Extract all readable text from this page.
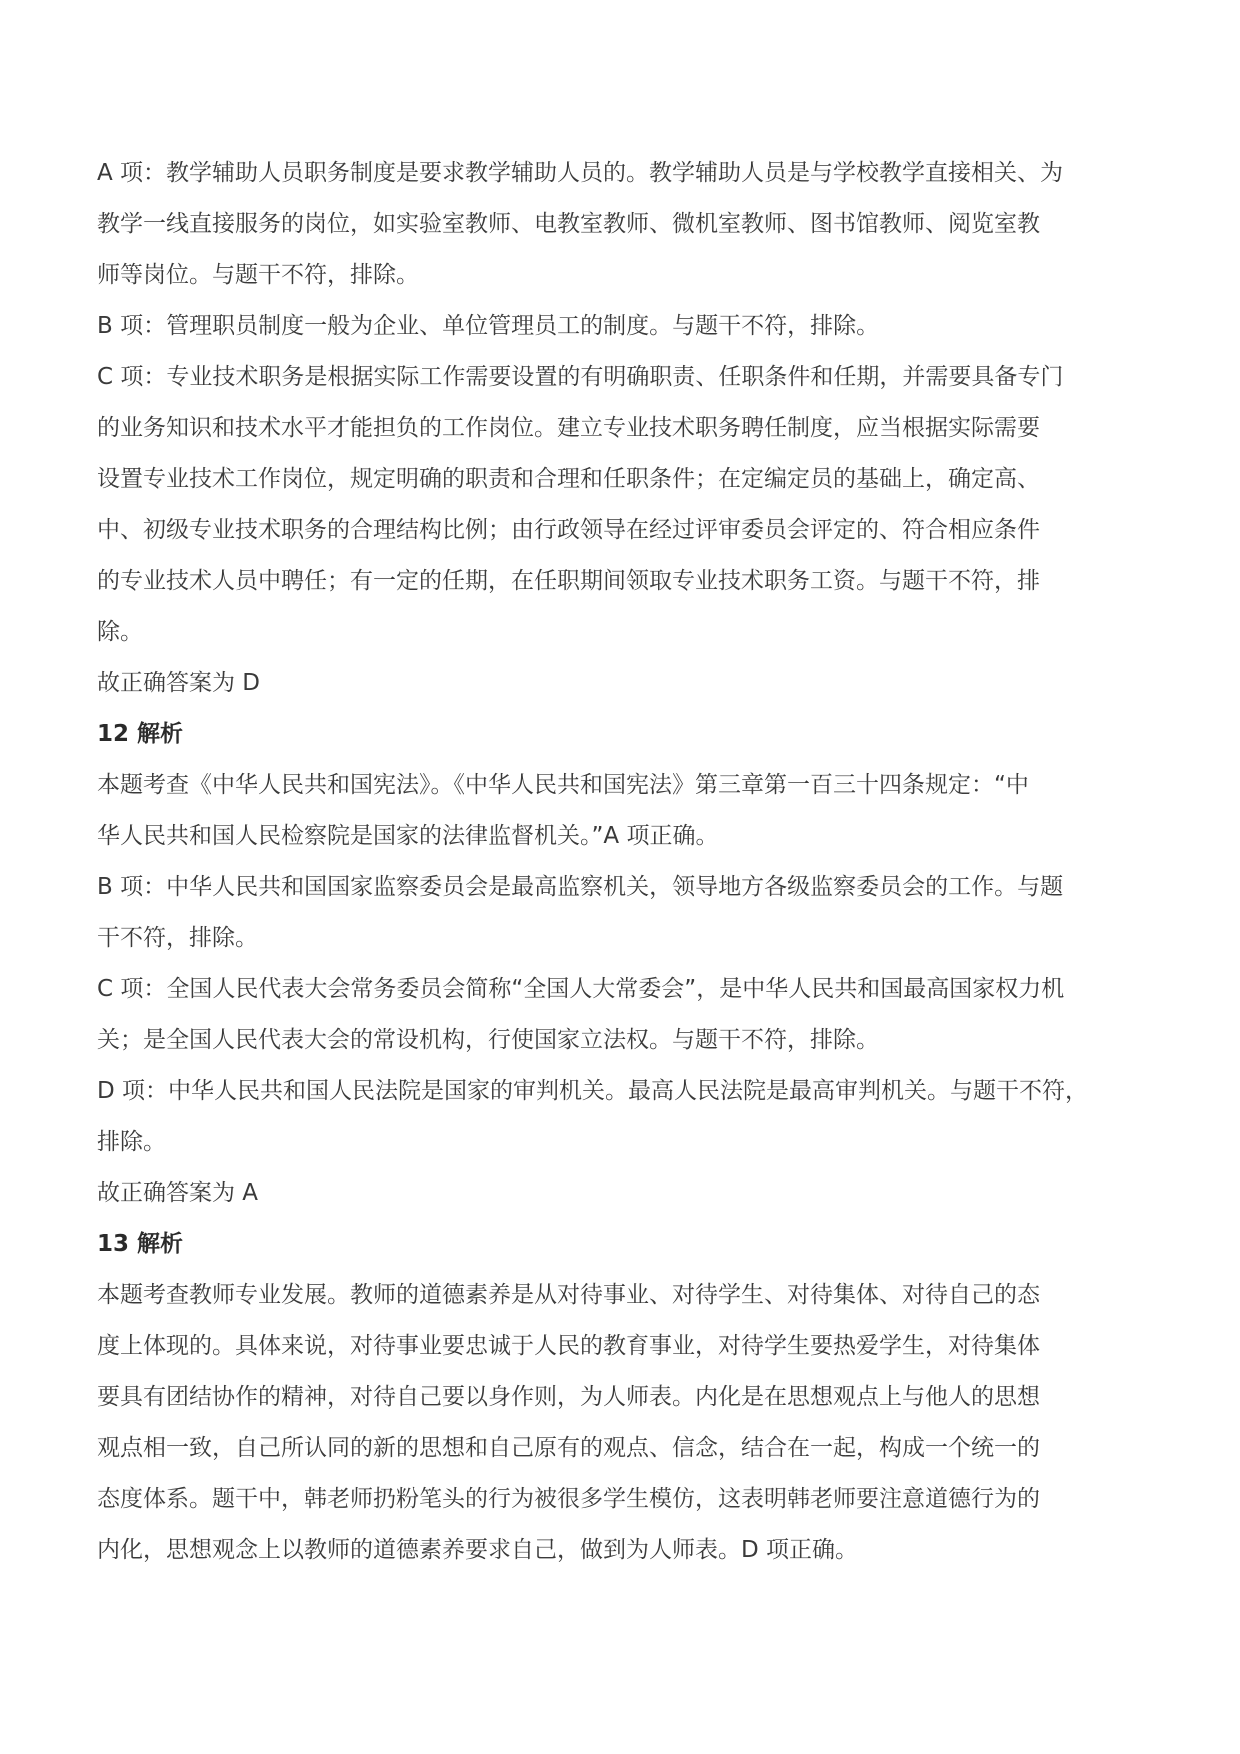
A 项：教学辅助人员职务制度是要求教学辅助人员的。教学辅助人员是与学校教学直接相关、为
教学一线直接服务的岗位，如实验室教师、电教室教师、微机室教师、图书馆教师、阅览室教
师等岗位。与题干不符，排除。
B 项：管理职员制度一般为企业、单位管理员工的制度。与题干不符，排除。
C 项：专业技术职务是根据实际工作需要设置的有明确职责、任职条件和任期，并需要具备专门
的业务知识和技术水平才能担负的工作岗位。建立专业技术职务聘任制度，应当根据实际需要
设置专业技术工作岗位，规定明确的职责和合理和任职条件；在定编定员的基础上，确定高、
中、初级专业技术职务的合理结构比例；由行政领导在经过评审委员会评定的、符合相应条件
的专业技术人员中聘任；有一定的任期，在任职期间领取专业技术职务工资。与题干不符，排
除。
故正确答案为 D
12 解析
本题考查《中华人民共和国宪法》。《中华人民共和国宪法》第三章第一百三十四条规定：“中
华人民共和国人民检察院是国家的法律监督机关。”A 项正确。
B 项：中华人民共和国国家监察委员会是最高监察机关，领导地方各级监察委员会的工作。与题
干不符，排除。
C 项：全国人民代表大会常务委员会简称“全国人大常委会”，是中华人民共和国最高国家权力机
关；是全国人民代表大会的常设机构，行使国家立法权。与题干不符，排除。
D 项：中华人民共和国人民法院是国家的审判机关。最高人民法院是最高审判机关。与题干不符，
排除。
故正确答案为 A
13 解析
本题考查教师专业发展。教师的道德素养是从对待事业、对待学生、对待集体、对待自己的态
度上体现的。具体来说，对待事业要忠诚于人民的教育事业，对待学生要热爱学生，对待集体
要具有团结协作的精神，对待自己要以身作则，为人师表。内化是在思想观点上与他人的思想
观点相一致，自己所认同的新的思想和自己原有的观点、信念，结合在一起，构成一个统一的
态度体系。题干中，韩老师扔粉笔头的行为被很多学生模仿，这表明韩老师要注意道德行为的
内化，思想观念上以教师的道德素养要求自己，做到为人师表。D 项正确。
